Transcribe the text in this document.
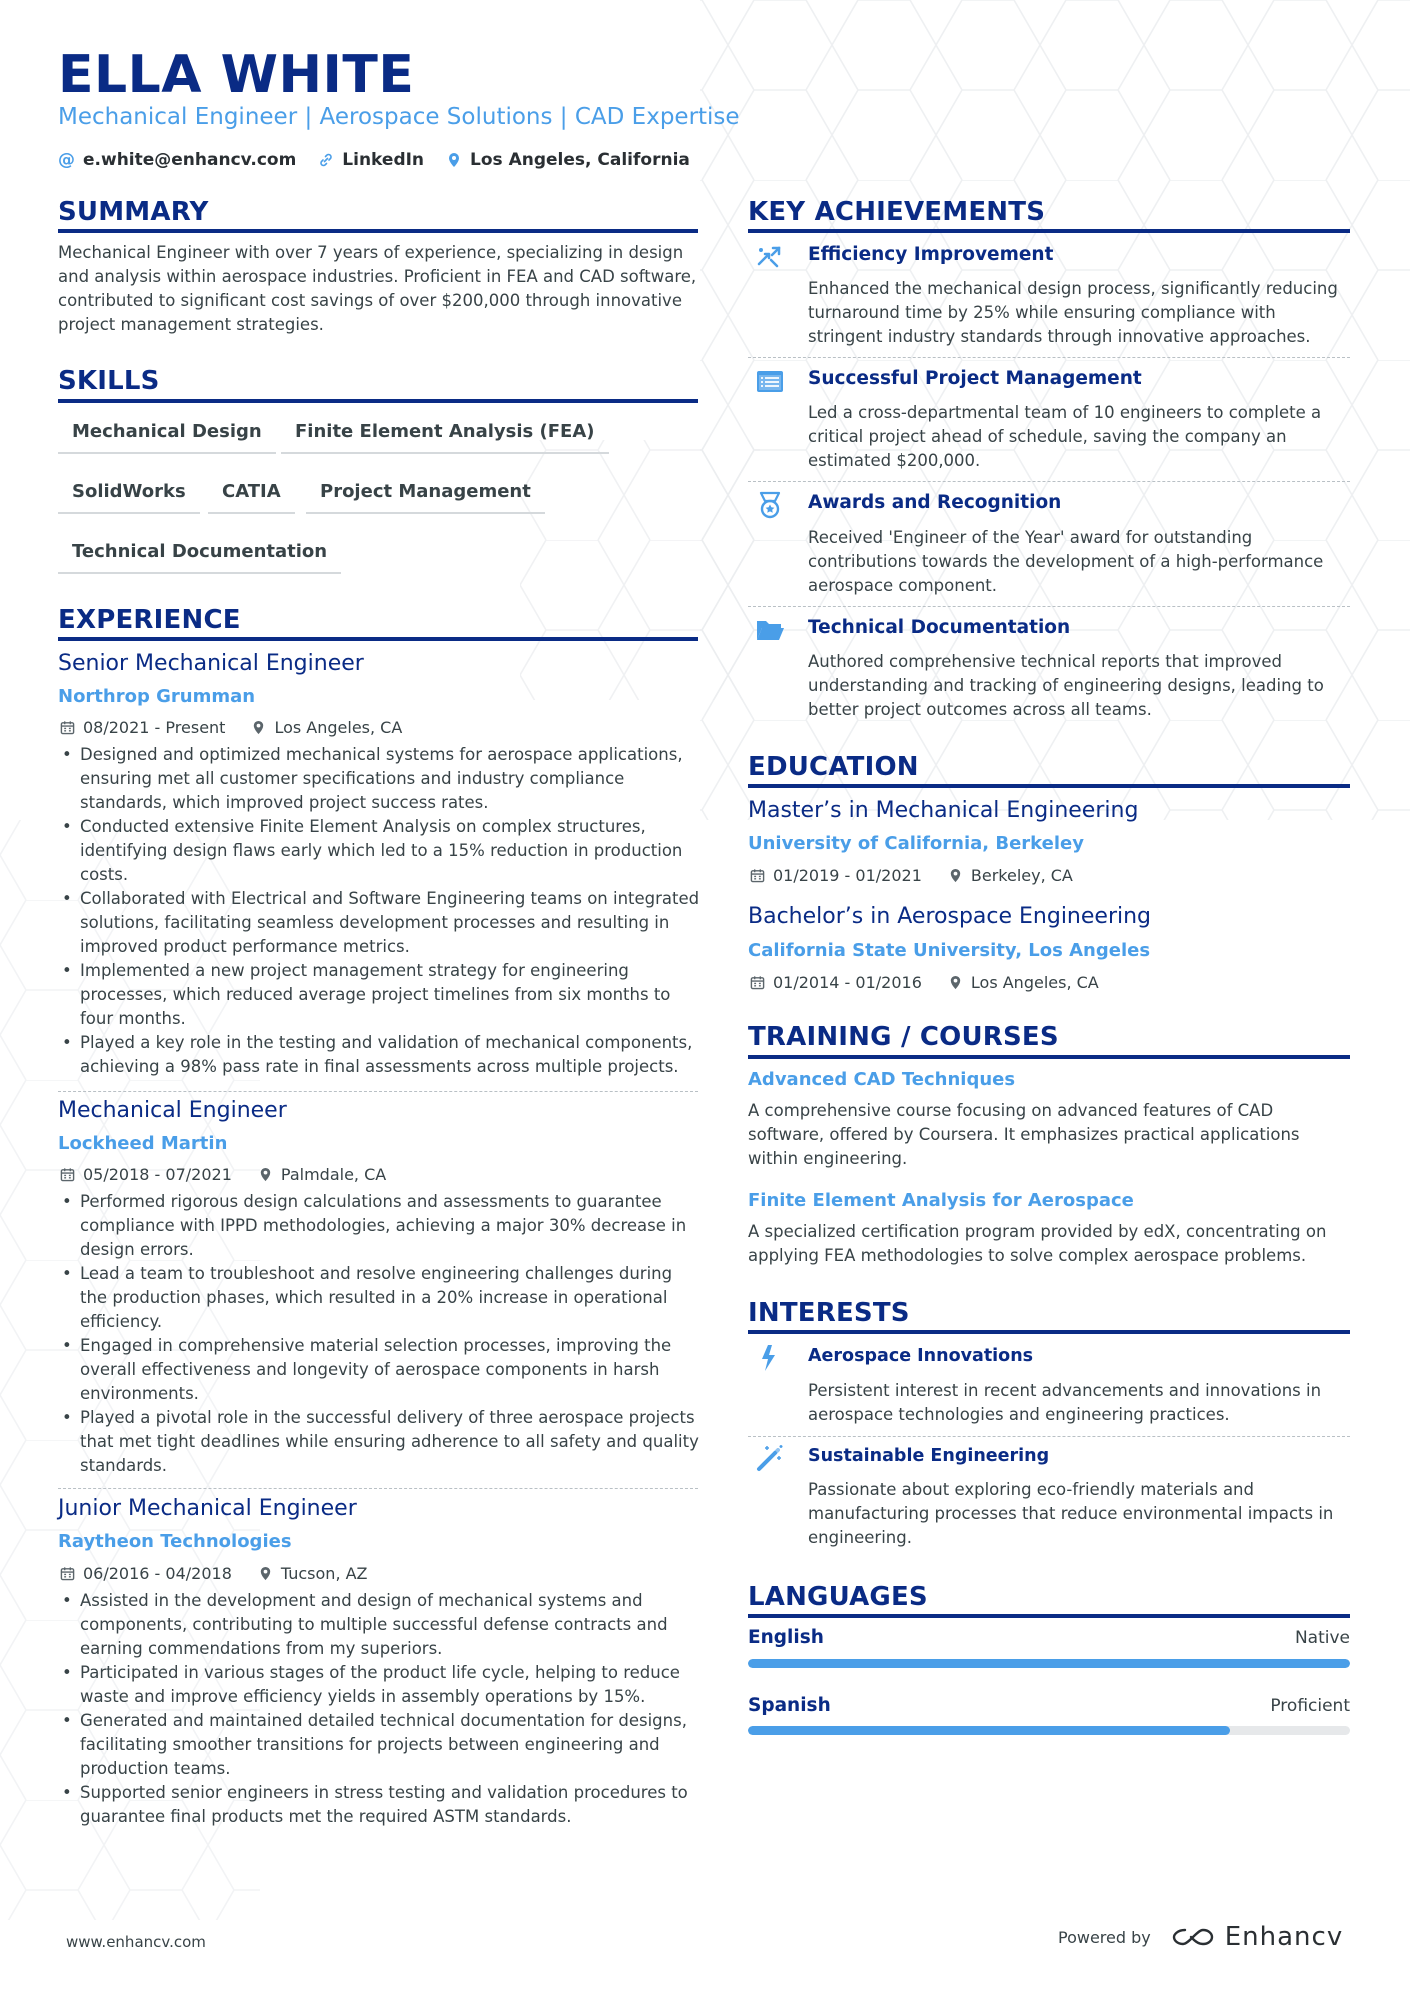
ELLA WHITE
Mechanical Engineer | Aerospace Solutions | CAD Expertise
@ e.white@enhancv.com	LinkedIn	Los Angeles, California
SUMMARY
Mechanical Engineer with over 7 years of experience, specializing in design and analysis within aerospace industries. Proficient in FEA and CAD software, contributed to significant cost savings of over $200,000 through innovative project management strategies.
SKILLS
Mechanical Design	Finite Element Analysis (FEA)
SolidWorks	CATIA	Project Management
Technical Documentation
EXPERIENCE
Senior Mechanical Engineer
Northrop Grumman
08/2021 - Present	Los Angeles, CA
• Designed and optimized mechanical systems for aerospace applications, ensuring met all customer specifications and industry compliance standards, which improved project success rates.
• Conducted extensive Finite Element Analysis on complex structures, identifying design flaws early which led to a 15% reduction in production costs.
• Collaborated with Electrical and Software Engineering teams on integrated solutions, facilitating seamless development processes and resulting in improved product performance metrics.
• Implemented a new project management strategy for engineering processes, which reduced average project timelines from six months to four months.
• Played a key role in the testing and validation of mechanical components, achieving a 98% pass rate in final assessments across multiple projects.
Mechanical Engineer
Lockheed Martin
05/2018 - 07/2021	Palmdale, CA
• Performed rigorous design calculations and assessments to guarantee compliance with IPPD methodologies, achieving a major 30% decrease in design errors.
• Lead a team to troubleshoot and resolve engineering challenges during the production phases, which resulted in a 20% increase in operational efficiency.
• Engaged in comprehensive material selection processes, improving the overall effectiveness and longevity of aerospace components in harsh environments.
• Played a pivotal role in the successful delivery of three aerospace projects that met tight deadlines while ensuring adherence to all safety and quality standards.
Junior Mechanical Engineer
Raytheon Technologies
06/2016 - 04/2018	Tucson, AZ
• Assisted in the development and design of mechanical systems and components, contributing to multiple successful defense contracts and earning commendations from my superiors.
• Participated in various stages of the product life cycle, helping to reduce waste and improve efficiency yields in assembly operations by 15%.
• Generated and maintained detailed technical documentation for designs, facilitating smoother transitions for projects between engineering and production teams.
• Supported senior engineers in stress testing and validation procedures to guarantee final products met the required ASTM standards.
KEY ACHIEVEMENTS
Efficiency Improvement
Enhanced the mechanical design process, significantly reducing turnaround time by 25% while ensuring compliance with stringent industry standards through innovative approaches.
Successful Project Management
Led a cross-departmental team of 10 engineers to complete a critical project ahead of schedule, saving the company an estimated $200,000.
Awards and Recognition
Received 'Engineer of the Year' award for outstanding contributions towards the development of a high-performance aerospace component.
Technical Documentation
Authored comprehensive technical reports that improved understanding and tracking of engineering designs, leading to better project outcomes across all teams.
EDUCATION
Master’s in Mechanical Engineering
University of California, Berkeley
01/2019 - 01/2021	Berkeley, CA
Bachelor’s in Aerospace Engineering
California State University, Los Angeles
01/2014 - 01/2016	Los Angeles, CA
TRAINING / COURSES
Advanced CAD Techniques
A comprehensive course focusing on advanced features of CAD software, offered by Coursera. It emphasizes practical applications within engineering.
Finite Element Analysis for Aerospace
A specialized certification program provided by edX, concentrating on applying FEA methodologies to solve complex aerospace problems.
INTERESTS
Aerospace Innovations
Persistent interest in recent advancements and innovations in aerospace technologies and engineering practices.
Sustainable Engineering
Passionate about exploring eco-friendly materials and manufacturing processes that reduce environmental impacts in engineering.
LANGUAGES
English	Native
Spanish	Proficient
www.enhancv.com	Powered by	Enhancv
